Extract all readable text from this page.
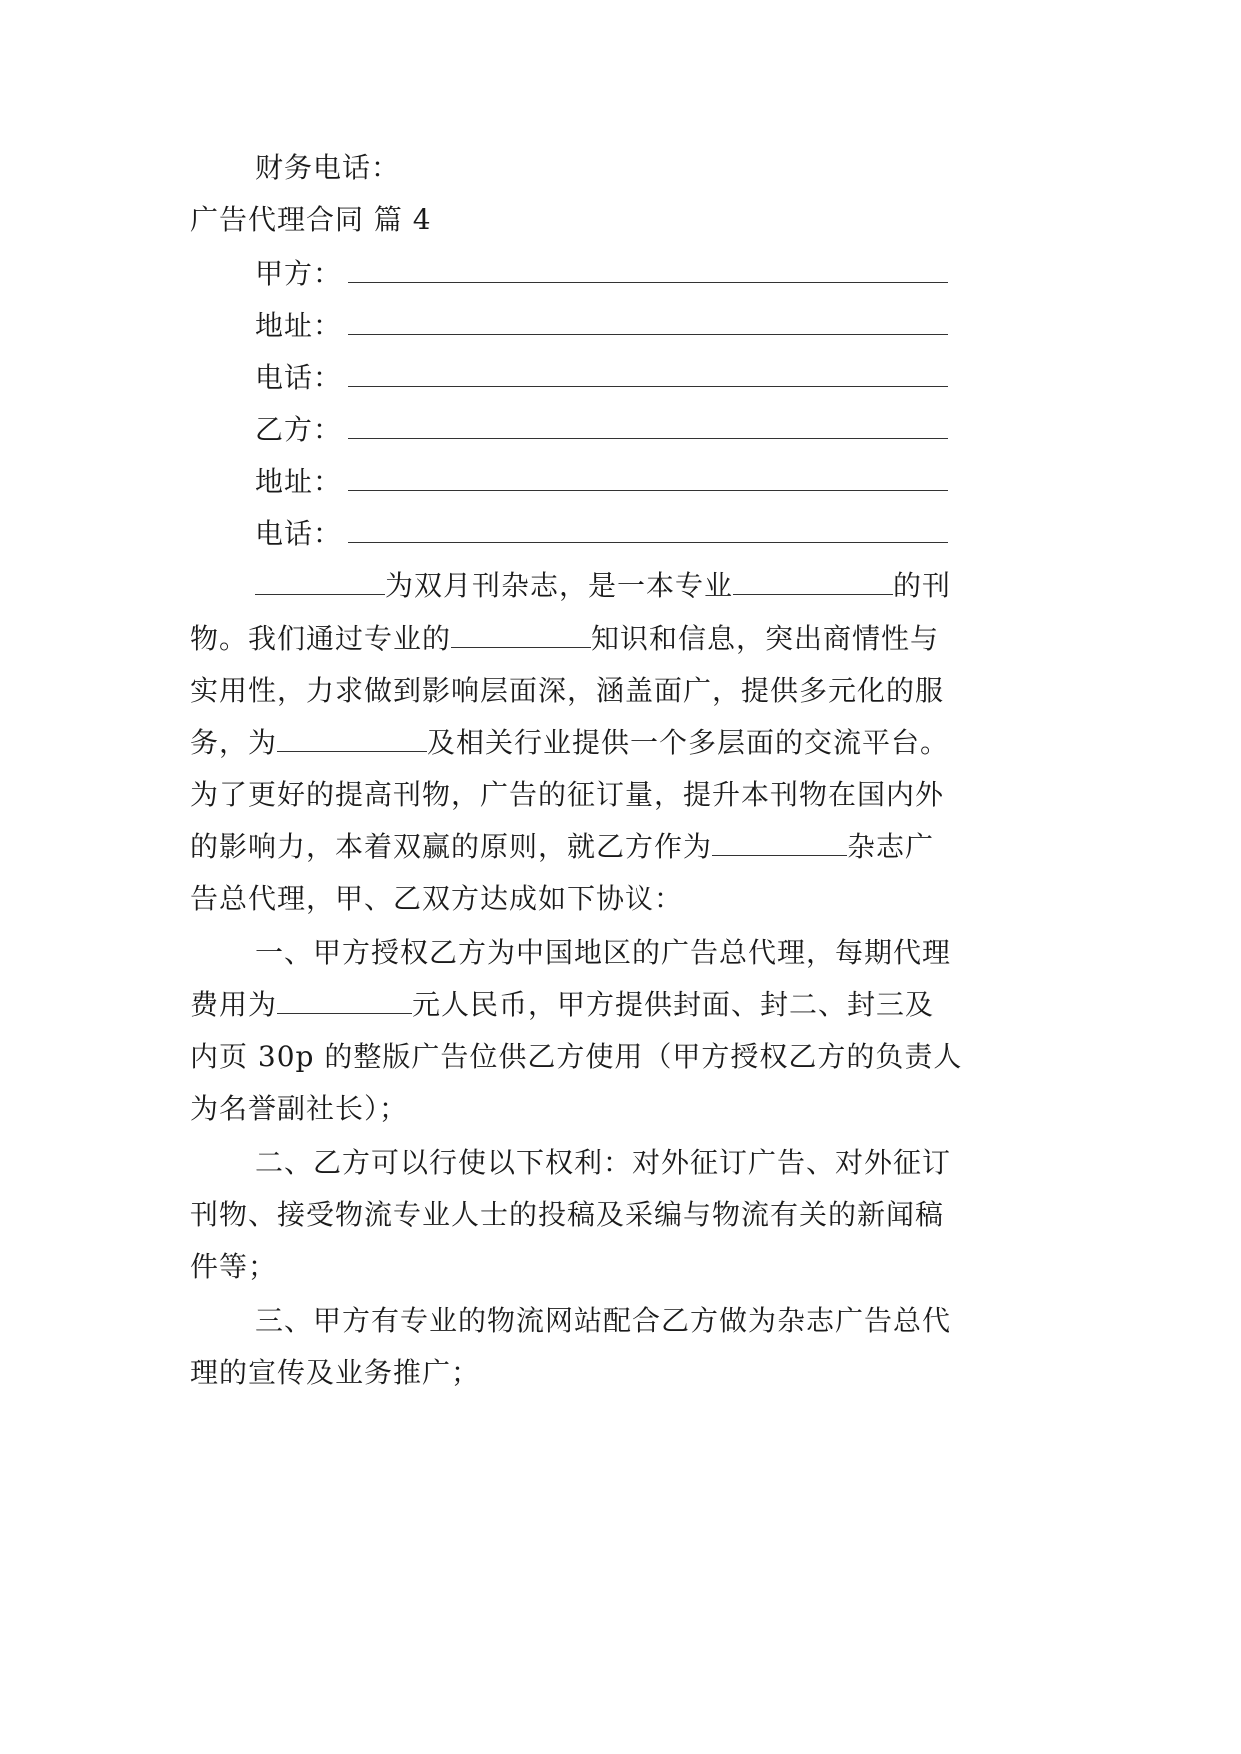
财务电话：
广告代理合同 篇 4
甲方：
地址：
电话：
乙方：
地址：
电话：
为双月刊杂志，是一本专业	的刊
物。我们通过专业的	知识和信息，突出商情性与
实用性，力求做到影响层面深，涵盖面广，提供多元化的服
务，为	及相关行业提供一个多层面的交流平台。
为了更好的提高刊物，广告的征订量，提升本刊物在国内外
的影响力，本着双赢的原则，就乙方作为	杂志广
告总代理，甲、乙双方达成如下协议：
一、甲方授权乙方为中国地区的广告总代理，每期代理
费用为	元人民币，甲方提供封面、封二、封三及
内页 30p 的整版广告位供乙方使用（甲方授权乙方的负责人
为名誉副社长）；
二、乙方可以行使以下权利：对外征订广告、对外征订
刊物、接受物流专业人士的投稿及采编与物流有关的新闻稿
件等；
三、甲方有专业的物流网站配合乙方做为杂志广告总代
理的宣传及业务推广；
